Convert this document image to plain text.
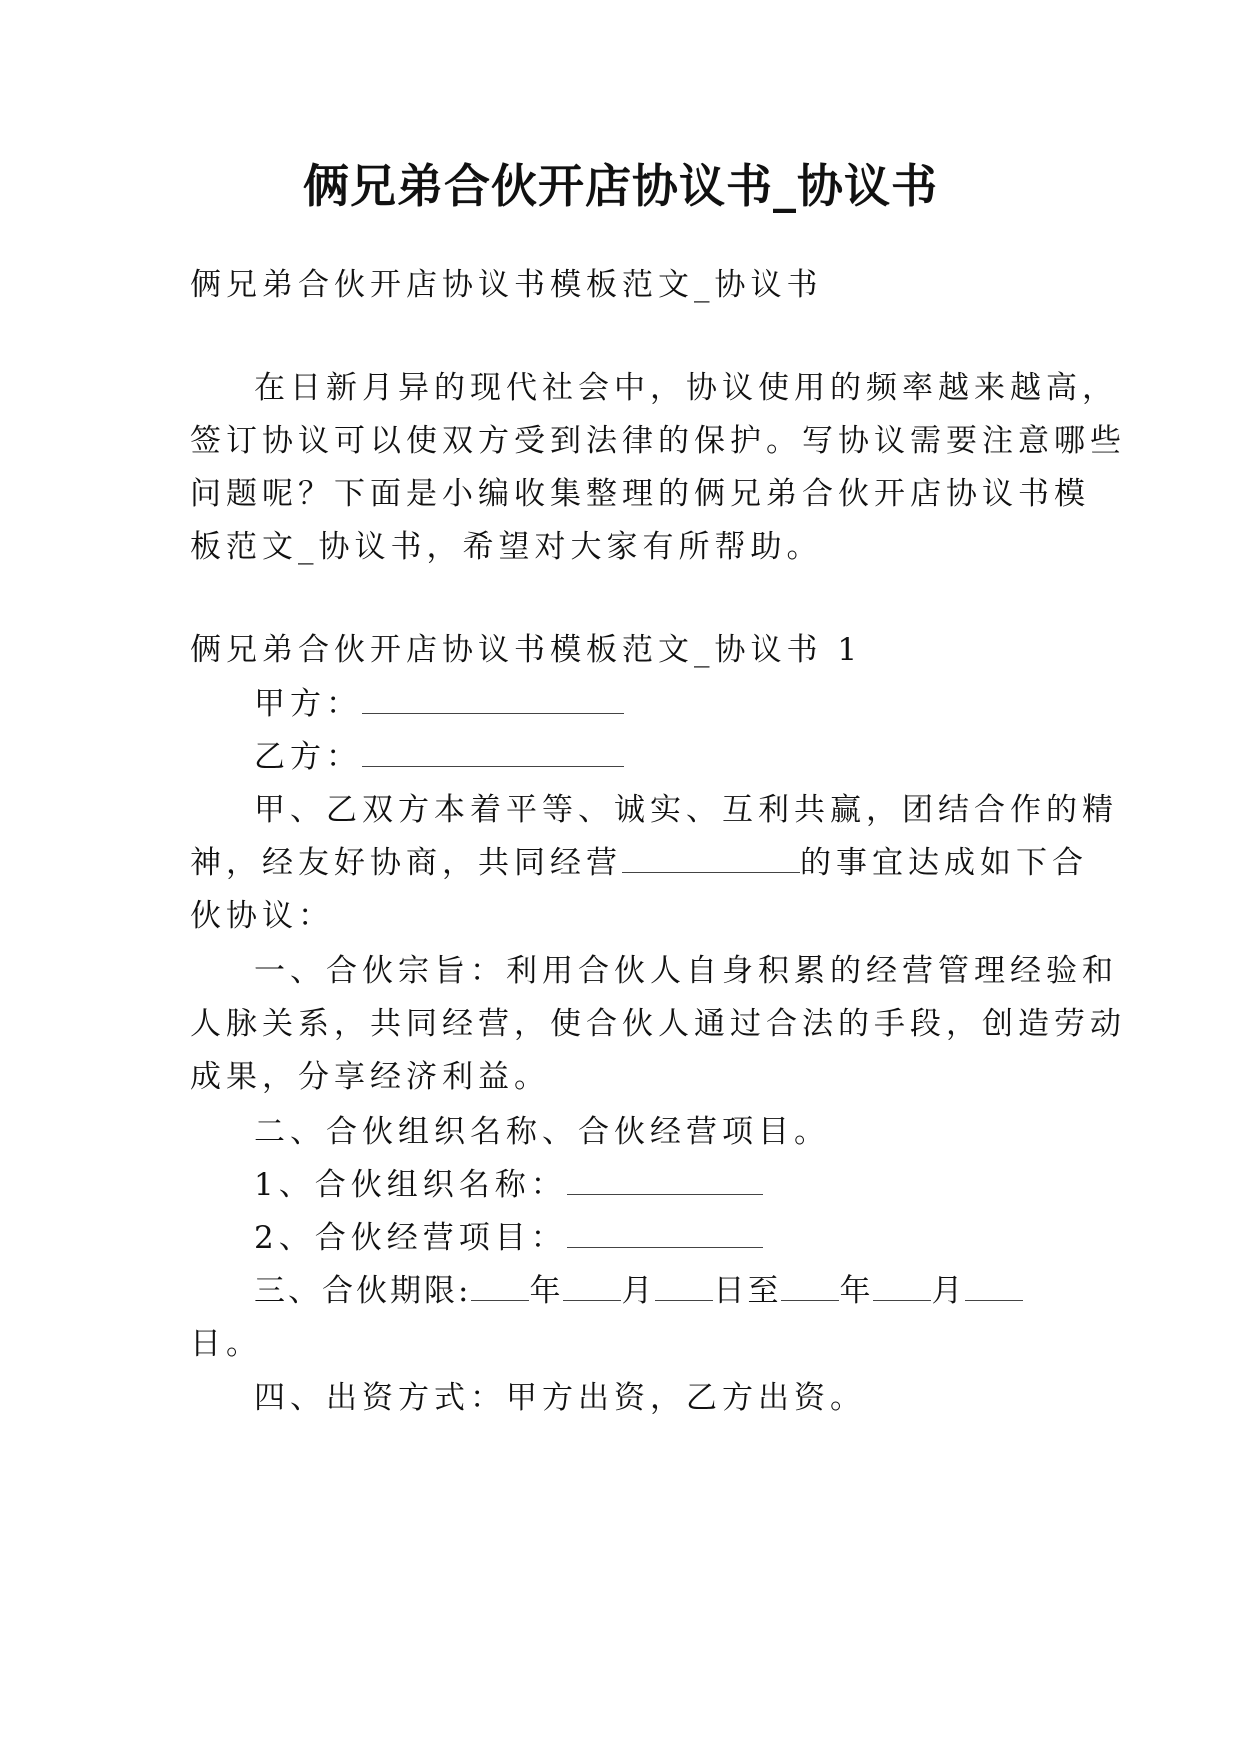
俩兄弟合伙开店协议书_协议书
俩兄弟合伙开店协议书模板范文_协议书
在日新月异的现代社会中，协议使用的频率越来越高，
签订协议可以使双方受到法律的保护。写协议需要注意哪些
问题呢？下面是小编收集整理的俩兄弟合伙开店协议书模
板范文_协议书，希望对大家有所帮助。
俩兄弟合伙开店协议书模板范文_协议书 1
甲方：
乙方：
甲、乙双方本着平等、诚实、互利共赢，团结合作的精
神，经友好协商，共同经营	的事宜达成如下合
伙协议：
一、合伙宗旨：利用合伙人自身积累的经营管理经验和
人脉关系，共同经营，使合伙人通过合法的手段，创造劳动
成果，分享经济利益。
二、合伙组织名称、合伙经营项目。
1、合伙组织名称：
2、合伙经营项目：
三、合伙期限: 年 月 日至 年 月
日。
四、出资方式：甲方出资，乙方出资。
